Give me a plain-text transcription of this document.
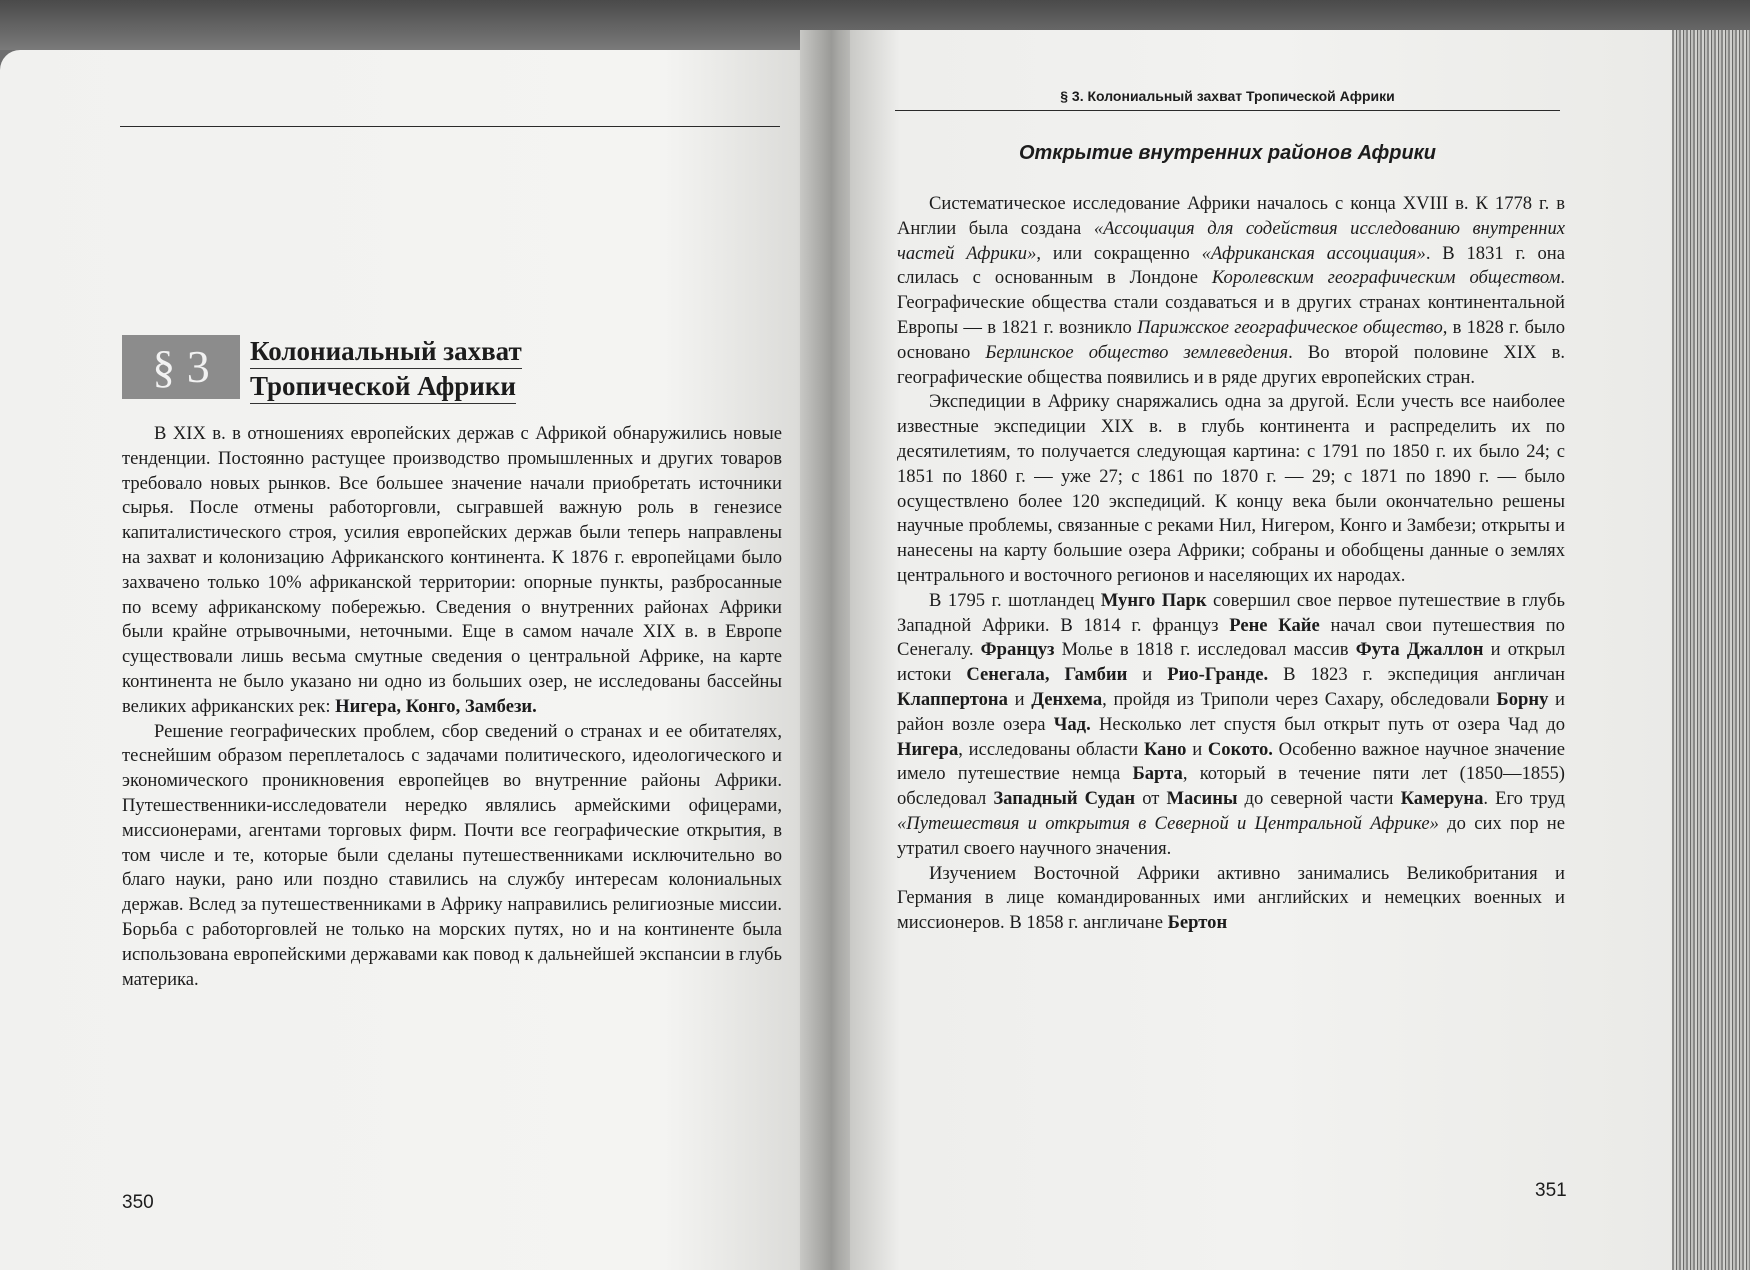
§ 3	Колониальный захват
Тропической Африки

В XIX в. в отношениях европейских держав с Африкой обнаружились новые тенденции. Постоянно растущее производство промышленных и других товаров требовало новых рынков. Все большее значение начали приобретать источники сырья. После отмены работорговли, сыгравшей важную роль в генезисе капиталистического строя, усилия европейских держав были теперь направлены на захват и колонизацию Африканского континента. К 1876 г. европейцами было захвачено только 10% африканской территории: опорные пункты, разбросанные по всему африканскому побережью. Сведения о внутренних районах Африки были крайне отрывочными, неточными. Еще в самом начале XIX в. в Европе существовали лишь весьма смутные сведения о центральной Африке, на карте континента не было указано ни одно из больших озер, не исследованы бассейны великих африканских рек: Нигера, Конго, Замбези.

Решение географических проблем, сбор сведений о странах и ее обитателях, теснейшим образом переплеталось с задачами политического, идеологического и экономического проникновения европейцев во внутренние районы Африки. Путешественники-исследователи нередко являлись армейскими офицерами, миссионерами, агентами торговых фирм. Почти все географические открытия, в том числе и те, которые были сделаны путешественниками исключительно во благо науки, рано или поздно ставились на службу интересам колониальных держав. Вслед за путешественниками в Африку направились религиозные миссии. Борьба с работорговлей не только на морских путях, но и на континенте была использована европейскими державами как повод к дальнейшей экспансии в глубь материка.

350
§ 3. Колониальный захват Тропической Африки
Открытие внутренних районов Африки

Систематическое исследование Африки началось с конца XVIII в. К 1778 г. в Англии была создана «Ассоциация для содействия исследованию внутренних частей Африки», или сокращенно «Африканская ассоциация». В 1831 г. она слилась с основанным в Лондоне Королевским географическим обществом. Географические общества стали создаваться и в других странах континентальной Европы — в 1821 г. возникло Парижское географическое общество, в 1828 г. было основано Берлинское общество землеведения. Во второй половине XIX в. географические общества появились и в ряде других европейских стран.

Экспедиции в Африку снаряжались одна за другой. Если учесть все наиболее известные экспедиции XIX в. в глубь континента и распределить их по десятилетиям, то получается следующая картина: с 1791 по 1850 г. их было 24; с 1851 по 1860 г. — уже 27; с 1861 по 1870 г. — 29; с 1871 по 1890 г. — было осуществлено более 120 экспедиций. К концу века были окончательно решены научные проблемы, связанные с реками Нил, Нигером, Конго и Замбези; открыты и нанесены на карту большие озера Африки; собраны и обобщены данные о землях центрального и восточного регионов и населяющих их народах.

В 1795 г. шотландец Мунго Парк совершил свое первое путешествие в глубь Западной Африки. В 1814 г. француз Рене Кайе начал свои путешествия по Сенегалу. Француз Молье в 1818 г. исследовал массив Фута Джаллон и открыл истоки Сенегала, Гамбии и Рио-Гранде. В 1823 г. экспедиция англичан Клаппертона и Денхема, пройдя из Триполи через Сахару, обследовали Борну и район возле озера Чад. Несколько лет спустя был открыт путь от озера Чад до Нигера, исследованы области Кано и Сокото. Особенно важное научное значение имело путешествие немца Барта, который в течение пяти лет (1850—1855) обследовал Западный Судан от Масины до северной части Камеруна. Его труд «Путешествия и открытия в Северной и Центральной Африке» до сих пор не утратил своего научного значения.

Изучением Восточной Африки активно занимались Великобритания и Германия в лице командированных ими английских и немецких военных и миссионеров. В 1858 г. англичане Бертон

351
